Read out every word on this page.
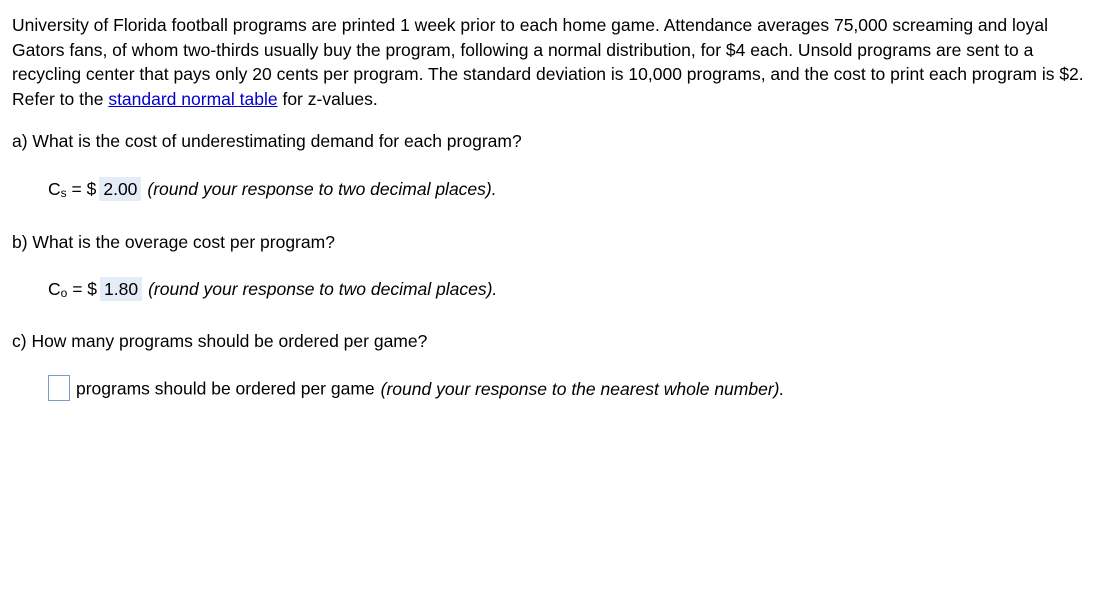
University of Florida football programs are printed 1 week prior to each home game. Attendance averages 75,000 screaming and loyal Gators fans, of whom two-thirds usually buy the program, following a normal distribution, for $4 each. Unsold programs are sent to a recycling center that pays only 20 cents per program. The standard deviation is 10,000 programs, and the cost to print each program is $2. Refer to the standard normal table for z-values.

a) What is the cost of underestimating demand for each program?

$C_s$ = $ 2.00 (round your response to two decimal places).

b) What is the overage cost per program?

$C_o$ = $ 1.80 (round your response to two decimal places).

c) How many programs should be ordered per game?

programs should be ordered per game (round your response to the nearest whole number).
